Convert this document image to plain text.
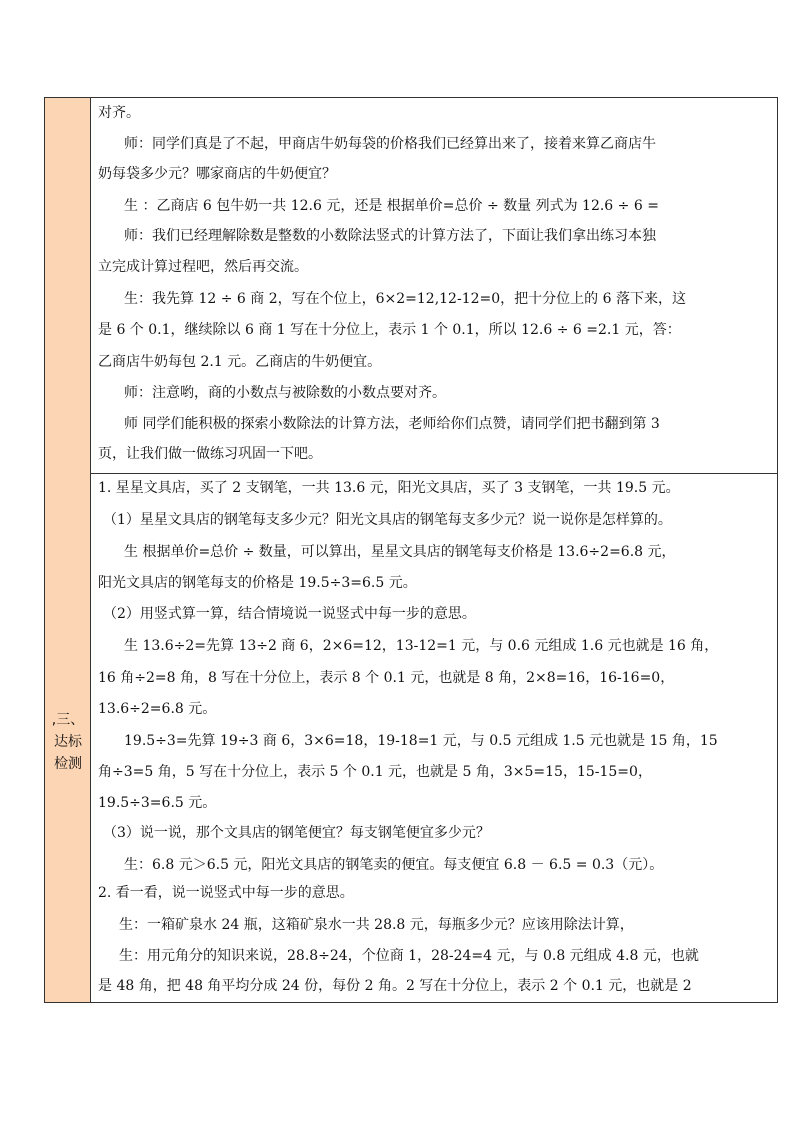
对齐。
师：同学们真是了不起，甲商店牛奶每袋的价格我们已经算出来了，接着来算乙商店牛
奶每袋多少元？哪家商店的牛奶便宜？
生 ：乙商店 6 包牛奶一共 12.6 元，还是 根据单价=总价 ÷ 数量 列式为 12.6 ÷ 6 =
师：我们已经理解除数是整数的小数除法竖式的计算方法了，下面让我们拿出练习本独
立完成计算过程吧，然后再交流。
生：我先算 12 ÷ 6 商 2，写在个位上，6×2=12,12-12=0，把十分位上的 6 落下来，这
是 6 个 0.1，继续除以 6 商 1 写在十分位上，表示 1 个 0.1，所以 12.6 ÷ 6 =2.1 元，答：
乙商店牛奶每包 2.1 元。乙商店的牛奶便宜。
师：注意哟，商的小数点与被除数的小数点要对齐。
师 同学们能积极的探索小数除法的计算方法，老师给你们点赞，请同学们把书翻到第 3
页，让我们做一做练习巩固一下吧。
,三、
达标
检测
1. 星星文具店，买了 2 支钢笔，一共 13.6 元，阳光文具店，买了 3 支钢笔，一共 19.5 元。
（1）星星文具店的钢笔每支多少元？阳光文具店的钢笔每支多少元？说一说你是怎样算的。
生 根据单价=总价 ÷ 数量，可以算出，星星文具店的钢笔每支价格是 13.6÷2=6.8 元，
阳光文具店的钢笔每支的价格是 19.5÷3=6.5 元。
（2）用竖式算一算，结合情境说一说竖式中每一步的意思。
生 13.6÷2=先算 13÷2 商 6，2×6=12，13-12=1 元，与 0.6 元组成 1.6 元也就是 16 角，
16 角÷2=8 角，8 写在十分位上，表示 8 个 0.1 元，也就是 8 角，2×8=16，16-16=0，
13.6÷2=6.8 元。
19.5÷3=先算 19÷3 商 6，3×6=18，19-18=1 元，与 0.5 元组成 1.5 元也就是 15 角，15
角÷3=5 角，5 写在十分位上，表示 5 个 0.1 元，也就是 5 角，3×5=15，15-15=0，
19.5÷3=6.5 元。
（3）说一说，那个文具店的钢笔便宜？每支钢笔便宜多少元？
生：6.8 元＞6.5 元，阳光文具店的钢笔卖的便宜。每支便宜 6.8 － 6.5 = 0.3（元）。
2. 看一看，说一说竖式中每一步的意思。
生：一箱矿泉水 24 瓶，这箱矿泉水一共 28.8 元，每瓶多少元？应该用除法计算，
生：用元角分的知识来说，28.8÷24，个位商 1，28-24=4 元，与 0.8 元组成 4.8 元，也就
是 48 角，把 48 角平均分成 24 份，每份 2 角。2 写在十分位上，表示 2 个 0.1 元，也就是 2
